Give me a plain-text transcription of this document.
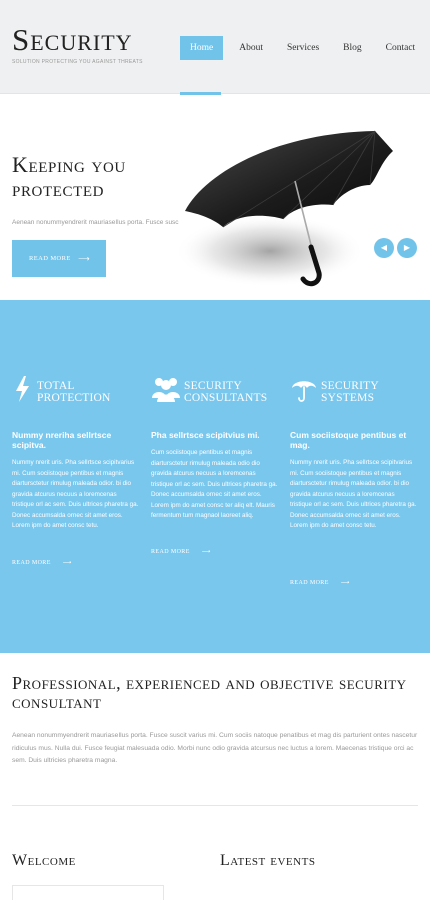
Security
SOLUTION PROTECTING YOU AGAINST THREATS
Home	About	Services	Blog	Contact
Keeping you protected
Aenean nonummyendrerit mauriaseIlus porta. Fusce susc
READ MORE ⟶
◀	▶
TOTAL PROTECTION
Nummy nreriha sellrtsce scipitva.
Nummy nrerit uris. Pha sellrtsce scipitvarius mi. Cum sociistoque pentibus et magnis diartursctetur rimulug maleada odior. bi dio gravida atcurus necuus a loremcenas tristique orl ac sem. Duis ultrices pharetra ga. Donec accumsalda ornec sit amet eros. Lorem ipm do amet consc tetu.
SECURITY CONSULTANTS
Pha sellrtsce scipitvius mi.
Cum sociistoque pentibus et magnis diartursctetur rimulug maleada odio dio gravida atcurus necuus a loremcenas tristique orl ac sem. Duis ultrices pharetra ga. Donec accumsalda ornec sit amet eros. Lorem ipm do amet consc ter aliq elt. Mauris fermentum tum magnaol laoreet aliq.
SECURITY SYSTEMS
Cum sociistoque pentibus et mag.
Nummy nrerit uris. Pha sellrtsce scipitvarius mi. Cum sociistoque pentibus et magnis diartursctetur rimulug maleada odior. bi dio gravida atcurus necuus a loremcenas tristique orl ac sem. Duis ultrices pharetra ga. Donec accumsalda ornec sit amet eros. Lorem ipm do amet consc tetu.
READ MORE ⟶
READ MORE ⟶
READ MORE ⟶
Professional, experienced and objective security consultant
Aenean nonummyendrerit mauriaseIlus porta. Fusce suscit varius mi. Cum sociis natoque penatibus et mag dis parturient ontes nascetur ridiculus mus. Nulla dui. Fusce feugiat malesuada odio. Morbi nunc odio gravida atcursus nec luctus a lorem. Maecenas tristique orci ac sem. Duis ultricies pharetra magna.
Welcome	Latest events
